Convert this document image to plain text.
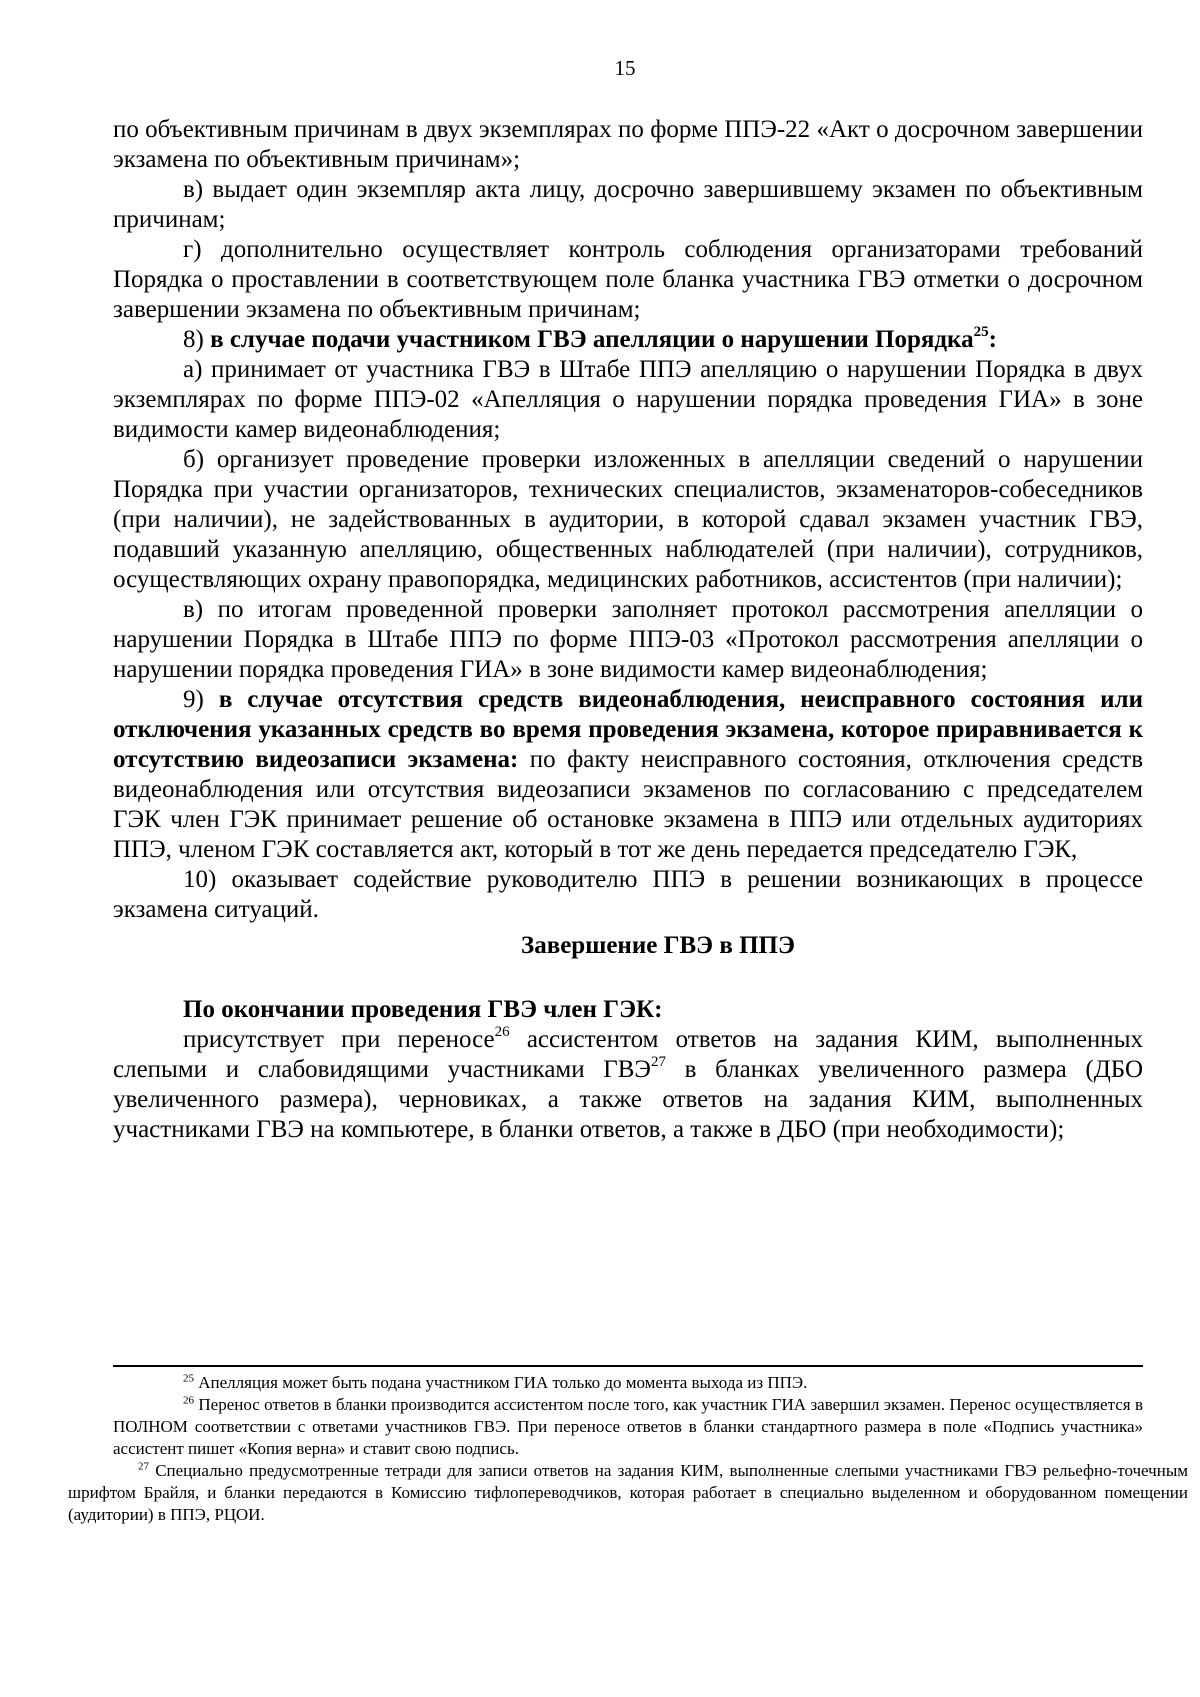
15

по объективным причинам в двух экземплярах по форме ППЭ-22 «Акт о досрочном завершении экзамена по объективным причинам»;

в) выдает один экземпляр акта лицу, досрочно завершившему экзамен по объективным причинам;

г) дополнительно осуществляет контроль соблюдения организаторами требований Порядка о проставлении в соответствующем поле бланка участника ГВЭ отметки о досрочном завершении экзамена по объективным причинам;

8) в случае подачи участником ГВЭ апелляции о нарушении Порядка$^{25}$:

а) принимает от участника ГВЭ в Штабе ППЭ апелляцию о нарушении Порядка в двух экземплярах по форме ППЭ-02 «Апелляция о нарушении порядка проведения ГИА» в зоне видимости камер видеонаблюдения;

б) организует проведение проверки изложенных в апелляции сведений о нарушении Порядка при участии организаторов, технических специалистов, экзаменаторов-собеседников (при наличии), не задействованных в аудитории, в которой сдавал экзамен участник ГВЭ, подавший указанную апелляцию, общественных наблюдателей (при наличии), сотрудников, осуществляющих охрану правопорядка, медицинских работников, ассистентов (при наличии);

в) по итогам проведенной проверки заполняет протокол рассмотрения апелляции о нарушении Порядка в Штабе ППЭ по форме ППЭ-03 «Протокол рассмотрения апелляции о нарушении порядка проведения ГИА» в зоне видимости камер видеонаблюдения;

9) в случае отсутствия средств видеонаблюдения, неисправного состояния или отключения указанных средств во время проведения экзамена, которое приравнивается к отсутствию видеозаписи экзамена: по факту неисправного состояния, отключения средств видеонаблюдения или отсутствия видеозаписи экзаменов по согласованию с председателем ГЭК член ГЭК принимает решение об остановке экзамена в ППЭ или отдельных аудиториях ППЭ, членом ГЭК составляется акт, который в тот же день передается председателю ГЭК,

10) оказывает содействие руководителю ППЭ в решении возникающих в процессе экзамена ситуаций.

Завершение ГВЭ в ППЭ

По окончании проведения ГВЭ член ГЭК:

присутствует при переносе$^{26}$ ассистентом ответов на задания КИМ, выполненных слепыми и слабовидящими участниками ГВЭ$^{27}$ в бланках увеличенного размера (ДБО увеличенного размера), черновиках, а также ответов на задания КИМ, выполненных участниками ГВЭ на компьютере, в бланки ответов, а также в ДБО (при необходимости);

$^{25}$ Апелляция может быть подана участником ГИА только до момента выхода из ППЭ.

$^{26}$ Перенос ответов в бланки производится ассистентом после того, как участник ГИА завершил экзамен. Перенос осуществляется в ПОЛНОМ соответствии с ответами участников ГВЭ. При переносе ответов в бланки стандартного размера в поле «Подпись участника» ассистент пишет «Копия верна» и ставит свою подпись.

$^{27}$ Специально предусмотренные тетради для записи ответов на задания КИМ, выполненные слепыми участниками ГВЭ рельефно-точечным шрифтом Брайля, и бланки передаются в Комиссию тифлопереводчиков, которая работает в специально выделенном и оборудованном помещении (аудитории) в ППЭ, РЦОИ.
